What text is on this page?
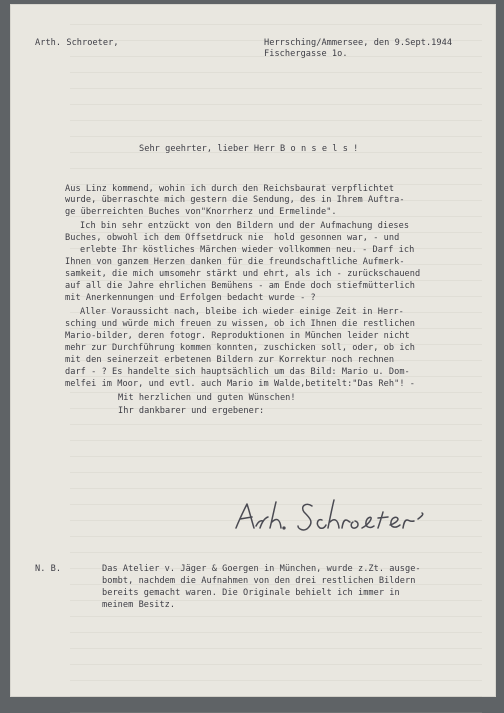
Arth. Schroeter,	Herrsching/Ammersee, den 9.Sept.1944
Fischergasse 1o.
Sehr geehrter, lieber Herr B o n s e l s !
Aus Linz kommend, wohin ich durch den Reichsbaurat verpflichtet
wurde, überraschte mich gestern die Sendung, des in Ihrem Auftra-
ge überreichten Buches von"Knorrherz und Ermelinde".
Ich bin sehr entzückt von den Bildern und der Aufmachung dieses
Buches, obwohl ich dem Offsetdruck nie  hold gesonnen war, - und
erlebte Ihr köstliches Märchen wieder vollkommen neu. - Darf ich
Ihnen von ganzem Herzen danken für die freundschaftliche Aufmerk-
samkeit, die mich umsomehr stärkt und ehrt, als ich - zurückschauend
auf all die Jahre ehrlichen Bemühens - am Ende doch stiefmütterlich
mit Anerkennungen und Erfolgen bedacht wurde - ?
Aller Voraussicht nach, bleibe ich wieder einige Zeit in Herr-
sching und würde mich freuen zu wissen, ob ich Ihnen die restlichen
Mario-bilder, deren fotogr. Reproduktionen in München leider nicht
mehr zur Durchführung kommen konnten, zuschicken soll, oder, ob ich
mit den seinerzeit erbetenen Bildern zur Korrektur noch rechnen
darf - ? Es handelte sich hauptsächlich um das Bild: Mario u. Dom-
melfei im Moor, und evtl. auch Mario im Walde,betitelt:"Das Reh"! -
Mit herzlichen und guten Wünschen!
Ihr dankbarer und ergebener:
N. B.	Das Atelier v. Jäger & Goergen in München, wurde z.Zt. ausge-
bombt, nachdem die Aufnahmen von den drei restlichen Bildern
bereits gemacht waren. Die Originale behielt ich immer in
meinem Besitz.
